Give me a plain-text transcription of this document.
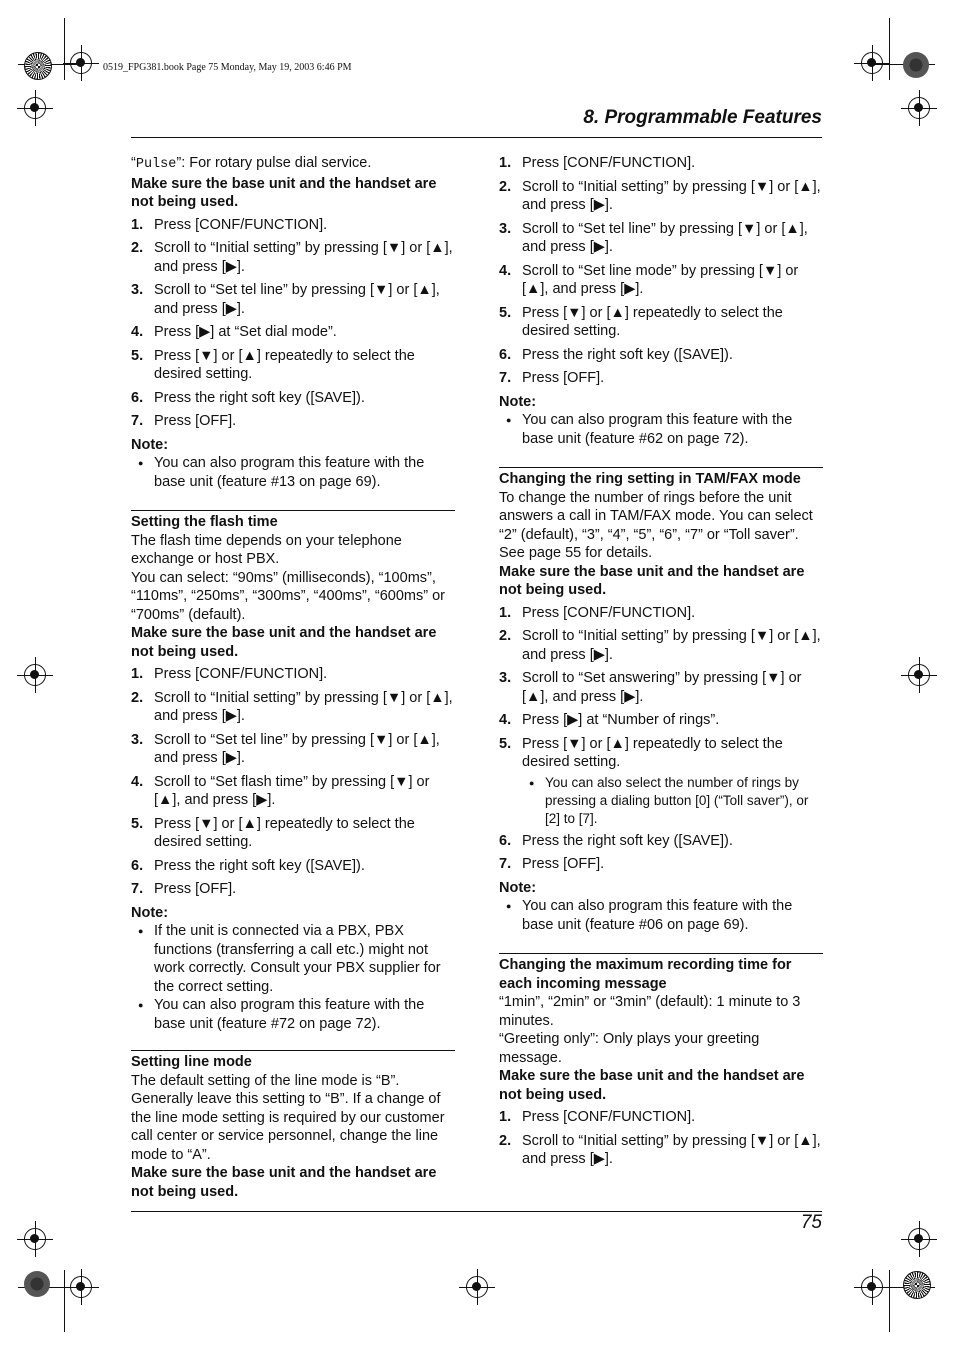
0519_FPG381.book Page 75 Monday, May 19, 2003 6:46 PM
8. Programmable Features

“Pulse”: For rotary pulse dial service.

Make sure the base unit and the handset are not being used.

1. Press [CONF/FUNCTION].
2. Scroll to “Initial setting” by pressing [▼] or [▲], and press [▶].
3. Scroll to “Set tel line” by pressing [▼] or [▲], and press [▶].
4. Press [▶] at “Set dial mode”.
5. Press [▼] or [▲] repeatedly to select the desired setting.
6. Press the right soft key ([SAVE]).
7. Press [OFF].

Note:

● You can also program this feature with the base unit (feature #13 on page 69).

Setting the flash time

The flash time depends on your telephone exchange or host PBX.

You can select: “90ms” (milliseconds), “100ms”, “110ms”, “250ms”, “300ms”, “400ms”, “600ms” or “700ms” (default).

Make sure the base unit and the handset are not being used.

1. Press [CONF/FUNCTION].
2. Scroll to “Initial setting” by pressing [▼] or [▲], and press [▶].
3. Scroll to “Set tel line” by pressing [▼] or [▲], and press [▶].
4. Scroll to “Set flash time” by pressing [▼] or [▲], and press [▶].
5. Press [▼] or [▲] repeatedly to select the desired setting.
6. Press the right soft key ([SAVE]).
7. Press [OFF].

Note:

● If the unit is connected via a PBX, PBX functions (transferring a call etc.) might not work correctly. Consult your PBX supplier for the correct setting.
● You can also program this feature with the base unit (feature #72 on page 72).

Setting line mode

The default setting of the line mode is “B”. Generally leave this setting to “B”. If a change of the line mode setting is required by our customer call center or service personnel, change the line mode to “A”.

Make sure the base unit and the handset are not being used.

1. Press [CONF/FUNCTION].
2. Scroll to “Initial setting” by pressing [▼] or [▲], and press [▶].
3. Scroll to “Set tel line” by pressing [▼] or [▲], and press [▶].
4. Scroll to “Set line mode” by pressing [▼] or [▲], and press [▶].
5. Press [▼] or [▲] repeatedly to select the desired setting.
6. Press the right soft key ([SAVE]).
7. Press [OFF].

Note:

● You can also program this feature with the base unit (feature #62 on page 72).

Changing the ring setting in TAM/FAX mode

To change the number of rings before the unit answers a call in TAM/FAX mode. You can select “2” (default), “3”, “4”, “5”, “6”, “7” or “Toll saver”. See page 55 for details.

Make sure the base unit and the handset are not being used.

1. Press [CONF/FUNCTION].
2. Scroll to “Initial setting” by pressing [▼] or [▲], and press [▶].
3. Scroll to “Set answering” by pressing [▼] or [▲], and press [▶].
4. Press [▶] at “Number of rings”.
5. Press [▼] or [▲] repeatedly to select the desired setting.
● You can also select the number of rings by pressing a dialing button [0] (“Toll saver”), or [2] to [7].
6. Press the right soft key ([SAVE]).
7. Press [OFF].

Note:

● You can also program this feature with the base unit (feature #06 on page 69).

Changing the maximum recording time for each incoming message

“1min”, “2min” or “3min” (default): 1 minute to 3 minutes.

“Greeting only”: Only plays your greeting message.

Make sure the base unit and the handset are not being used.

1. Press [CONF/FUNCTION].
2. Scroll to “Initial setting” by pressing [▼] or [▲], and press [▶].
75
